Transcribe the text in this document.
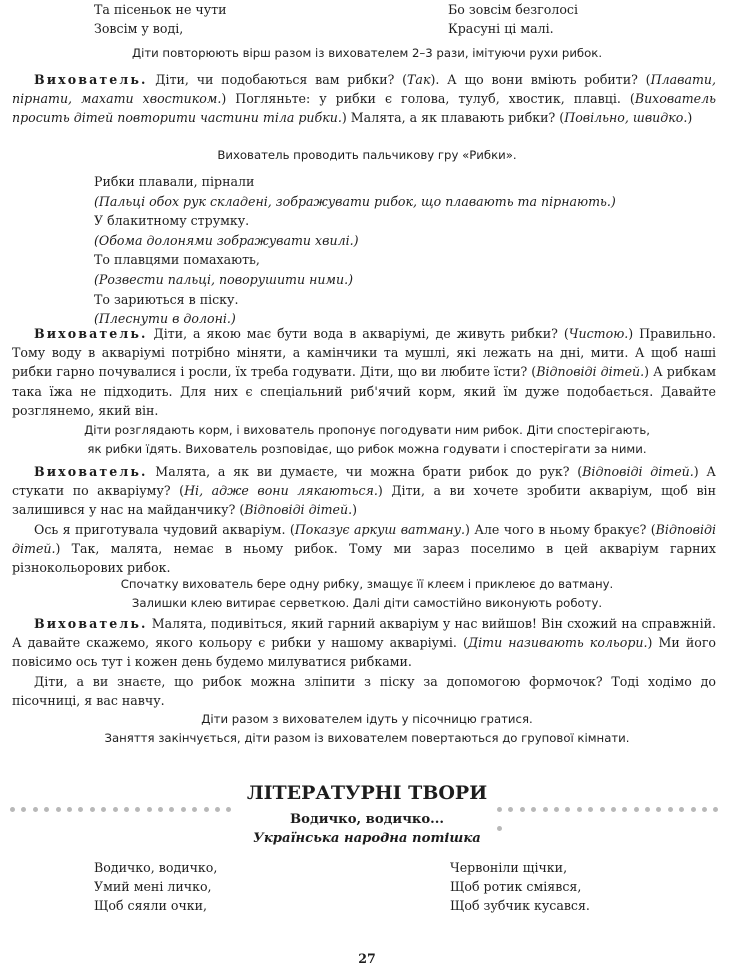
Та пісеньок не чути	Бо зовсім безголосі
Зовсім у воді,	Красуні ці малі.
Діти повторюють вірш разом із вихователем 2–3 рази, імітуючи рухи рибок.

Вихователь. Діти, чи подобаються вам рибки? (Так). А що вони вміють робити? (Плавати, пірнати, махати хвостиком.) Погляньте: у рибки є голова, тулуб, хвостик, плавці. (Вихователь просить дітей повторити частини тіла рибки.) Малята, а як плавають рибки? (Повільно, швидко.)

Вихователь проводить пальчикову гру «Рибки».
Рибки плавали, пірнали
(Пальці обох рук складені, зображувати рибок, що плавають та пірнають.)
У блакитному струмку.
(Обома долонями зображувати хвилі.)
То плавцями помахають,
(Розвести пальці, поворушити ними.)
То зариються в піску.
(Плеснути в долоні.)

Вихователь. Діти, а якою має бути вода в акваріумі, де живуть рибки? (Чистою.) Правильно. Тому воду в акваріумі потрібно міняти, а камінчики та мушлі, які лежать на дні, мити. А щоб наші рибки гарно почувалися і росли, їх треба годувати. Діти, що ви любите їсти? (Відповіді дітей.) А рибкам така їжа не підходить. Для них є спеціальний риб'ячий корм, який їм дуже подобається. Давайте розглянемо, який він.

Діти розглядають корм, і вихователь пропонує погодувати ним рибок. Діти спостерігають,
як рибки їдять. Вихователь розповідає, що рибок можна годувати і спостерігати за ними.

Вихователь. Малята, а як ви думаєте, чи можна брати рибок до рук? (Відповіді дітей.) А стукати по акваріуму? (Ні, адже вони лякаються.) Діти, а ви хочете зробити акваріум, щоб він залишився у нас на майданчику? (Відповіді дітей.)

Ось я приготувала чудовий акваріум. (Показує аркуш ватману.) Але чого в ньому бракує? (Відповіді дітей.) Так, малята, немає в ньому рибок. Тому ми зараз поселимо в цей акваріум гарних різнокольорових рибок.

Спочатку вихователь бере одну рибку, змащує її клеєм і приклеює до ватману.
Залишки клею витирає серветкою. Далі діти самостійно виконують роботу.

Вихователь. Малята, подивіться, який гарний акваріум у нас вийшов! Він схожий на справжній. А давайте скажемо, якого кольору є рибки у нашому акваріумі. (Діти називають кольори.) Ми його повісимо ось тут і кожен день будемо милуватися рибками.

Діти, а ви знаєте, що рибок можна зліпити з піску за допомогою формочок? Тоді ходімо до пісочниці, я вас навчу.

Діти разом з вихователем ідуть у пісочницю гратися.
Заняття закінчується, діти разом із вихователем повертаються до групової кімнати.
ЛІТЕРАТУРНІ ТВОРИ
Водичко, водичко...
Українська народна потішка
Водичко, водичко,	Червоніли щічки,
Умий мені личко,	Щоб ротик сміявся,
Щоб сяяли очки,	Щоб зубчик кусався.
27
